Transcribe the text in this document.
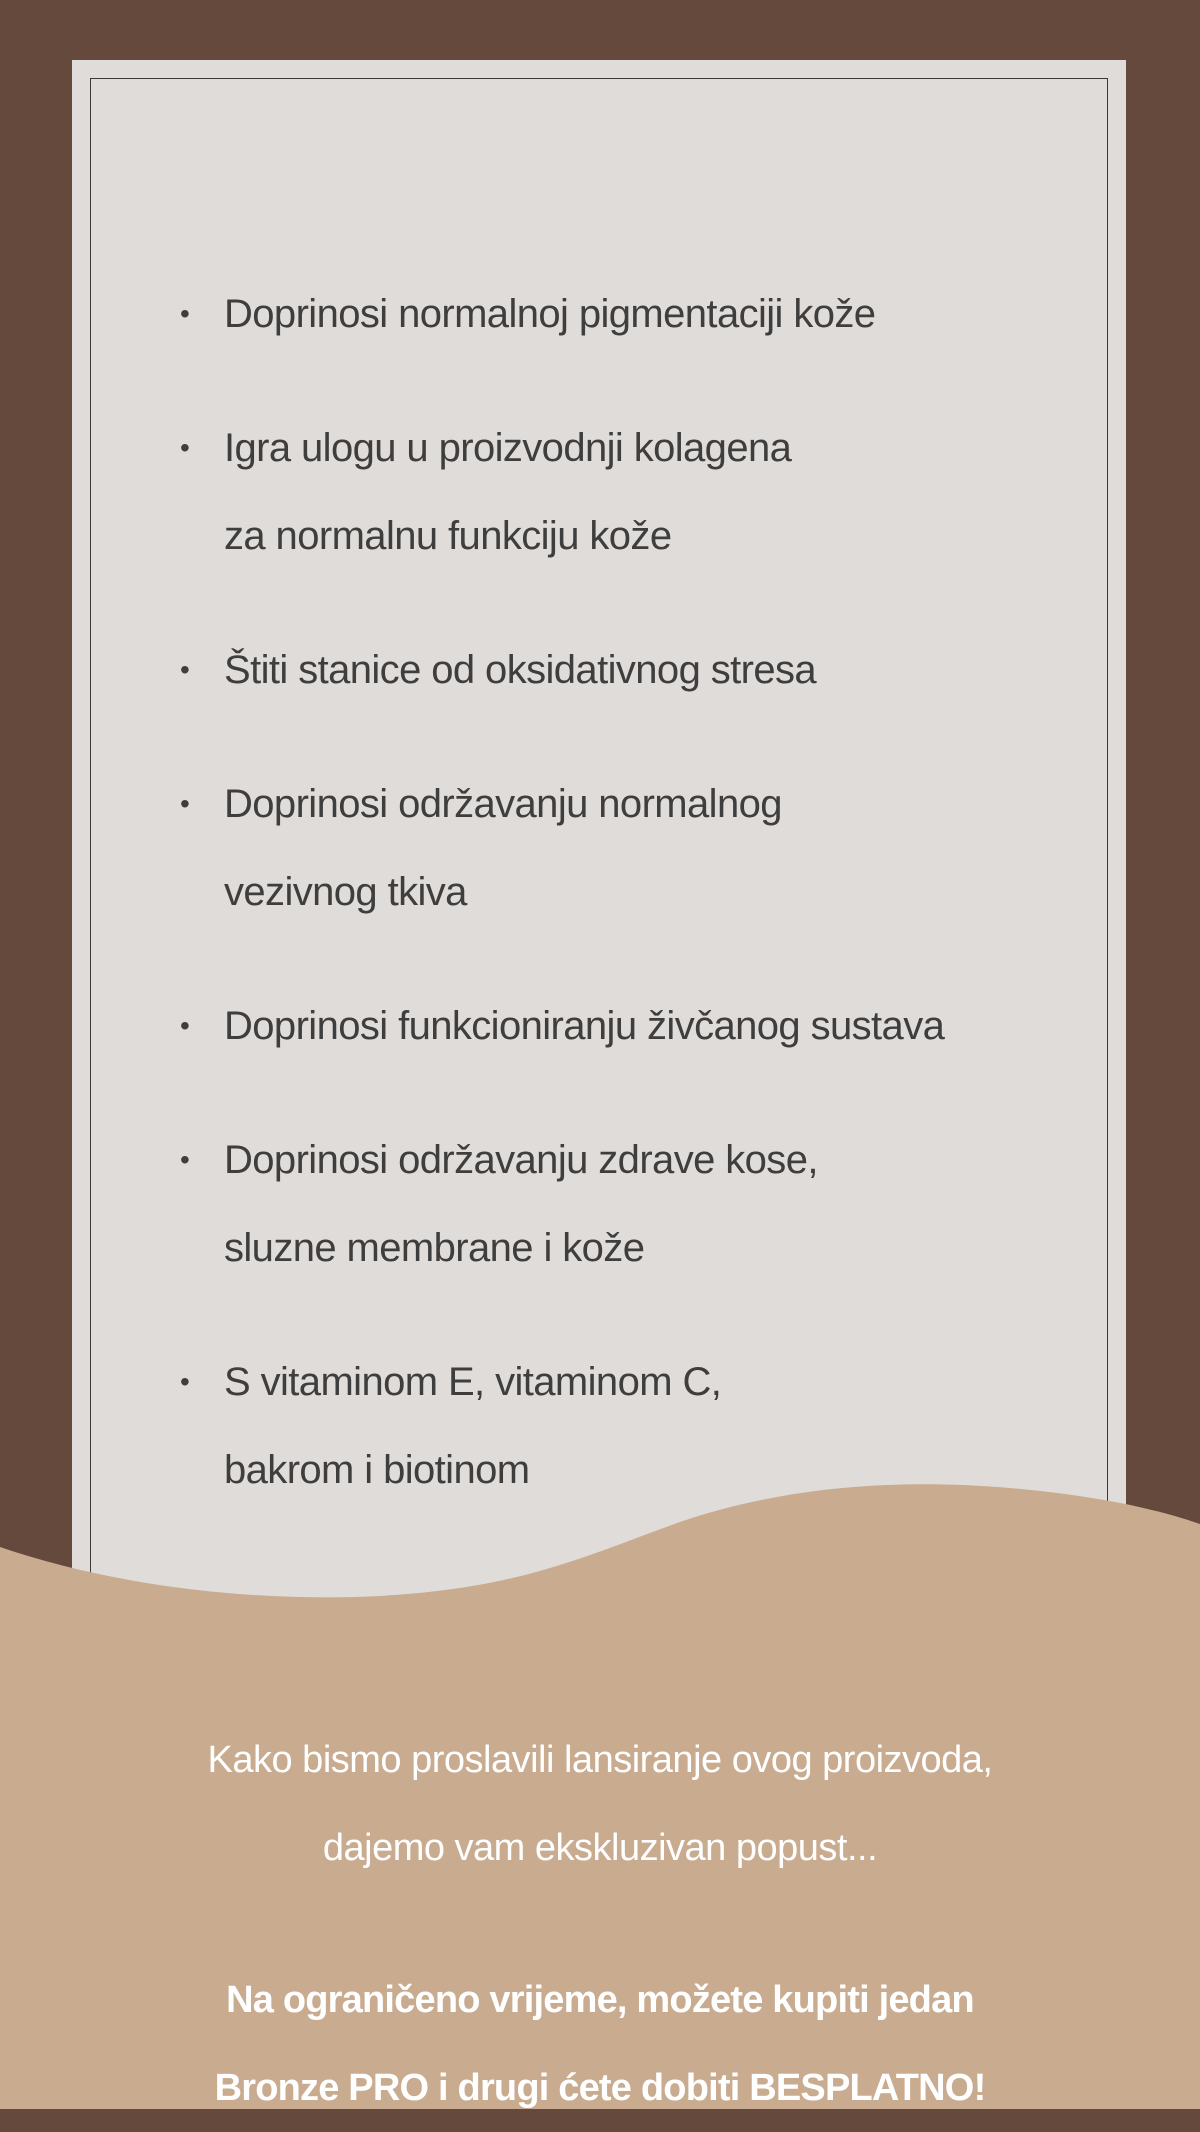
• Doprinosi normalnoj pigmentaciji kože
• Igra ulogu u proizvodnji kolagena
za normalnu funkciju kože
• Štiti stanice od oksidativnog stresa
• Doprinosi održavanju normalnog
vezivnog tkiva
• Doprinosi funkcioniranju živčanog sustava
• Doprinosi održavanju zdrave kose,
sluzne membrane i kože
• S vitaminom E, vitaminom C,
bakrom i biotinom
Kako bismo proslavili lansiranje ovog proizvoda,
dajemo vam ekskluzivan popust...
Na ograničeno vrijeme, možete kupiti jedan
Bronze PRO i drugi ćete dobiti BESPLATNO!
